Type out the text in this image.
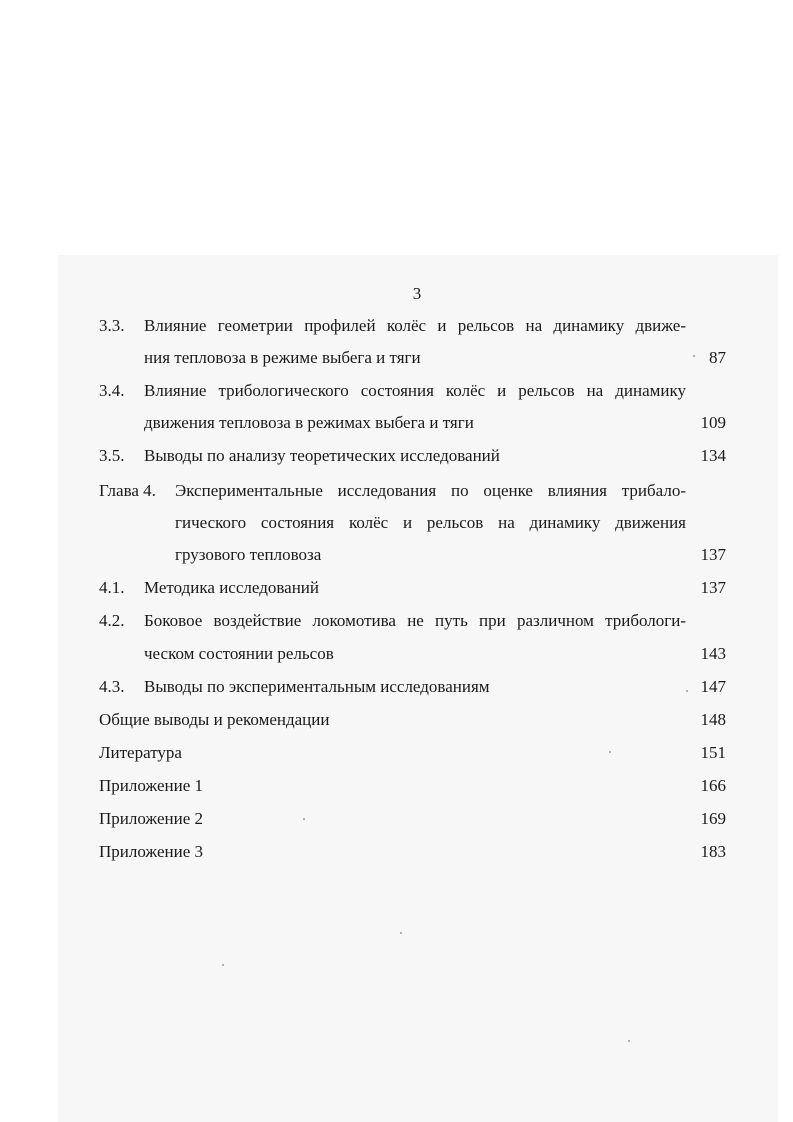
3
3.3. Влияние геометрии профилей колёс и рельсов на динамику движе-
ния тепловоза в режиме выбега и тяги	87
3.4. Влияние трибологического состояния колёс и рельсов на динамику
движения тепловоза в режимах выбега и тяги	109
3.5. Выводы по анализу теоретических исследований	134
Глава 4. Экспериментальные исследования по оценке влияния трибало-
гического состояния колёс и рельсов на динамику движения
грузового тепловоза	137
4.1. Методика исследований	137
4.2. Боковое воздействие локомотива не путь при различном трибологи-
ческом состоянии рельсов	143
4.3. Выводы по экспериментальным исследованиям	147
Общие выводы и рекомендации	148
Литература	151
Приложение 1	166
Приложение 2	169
Приложение 3	183
